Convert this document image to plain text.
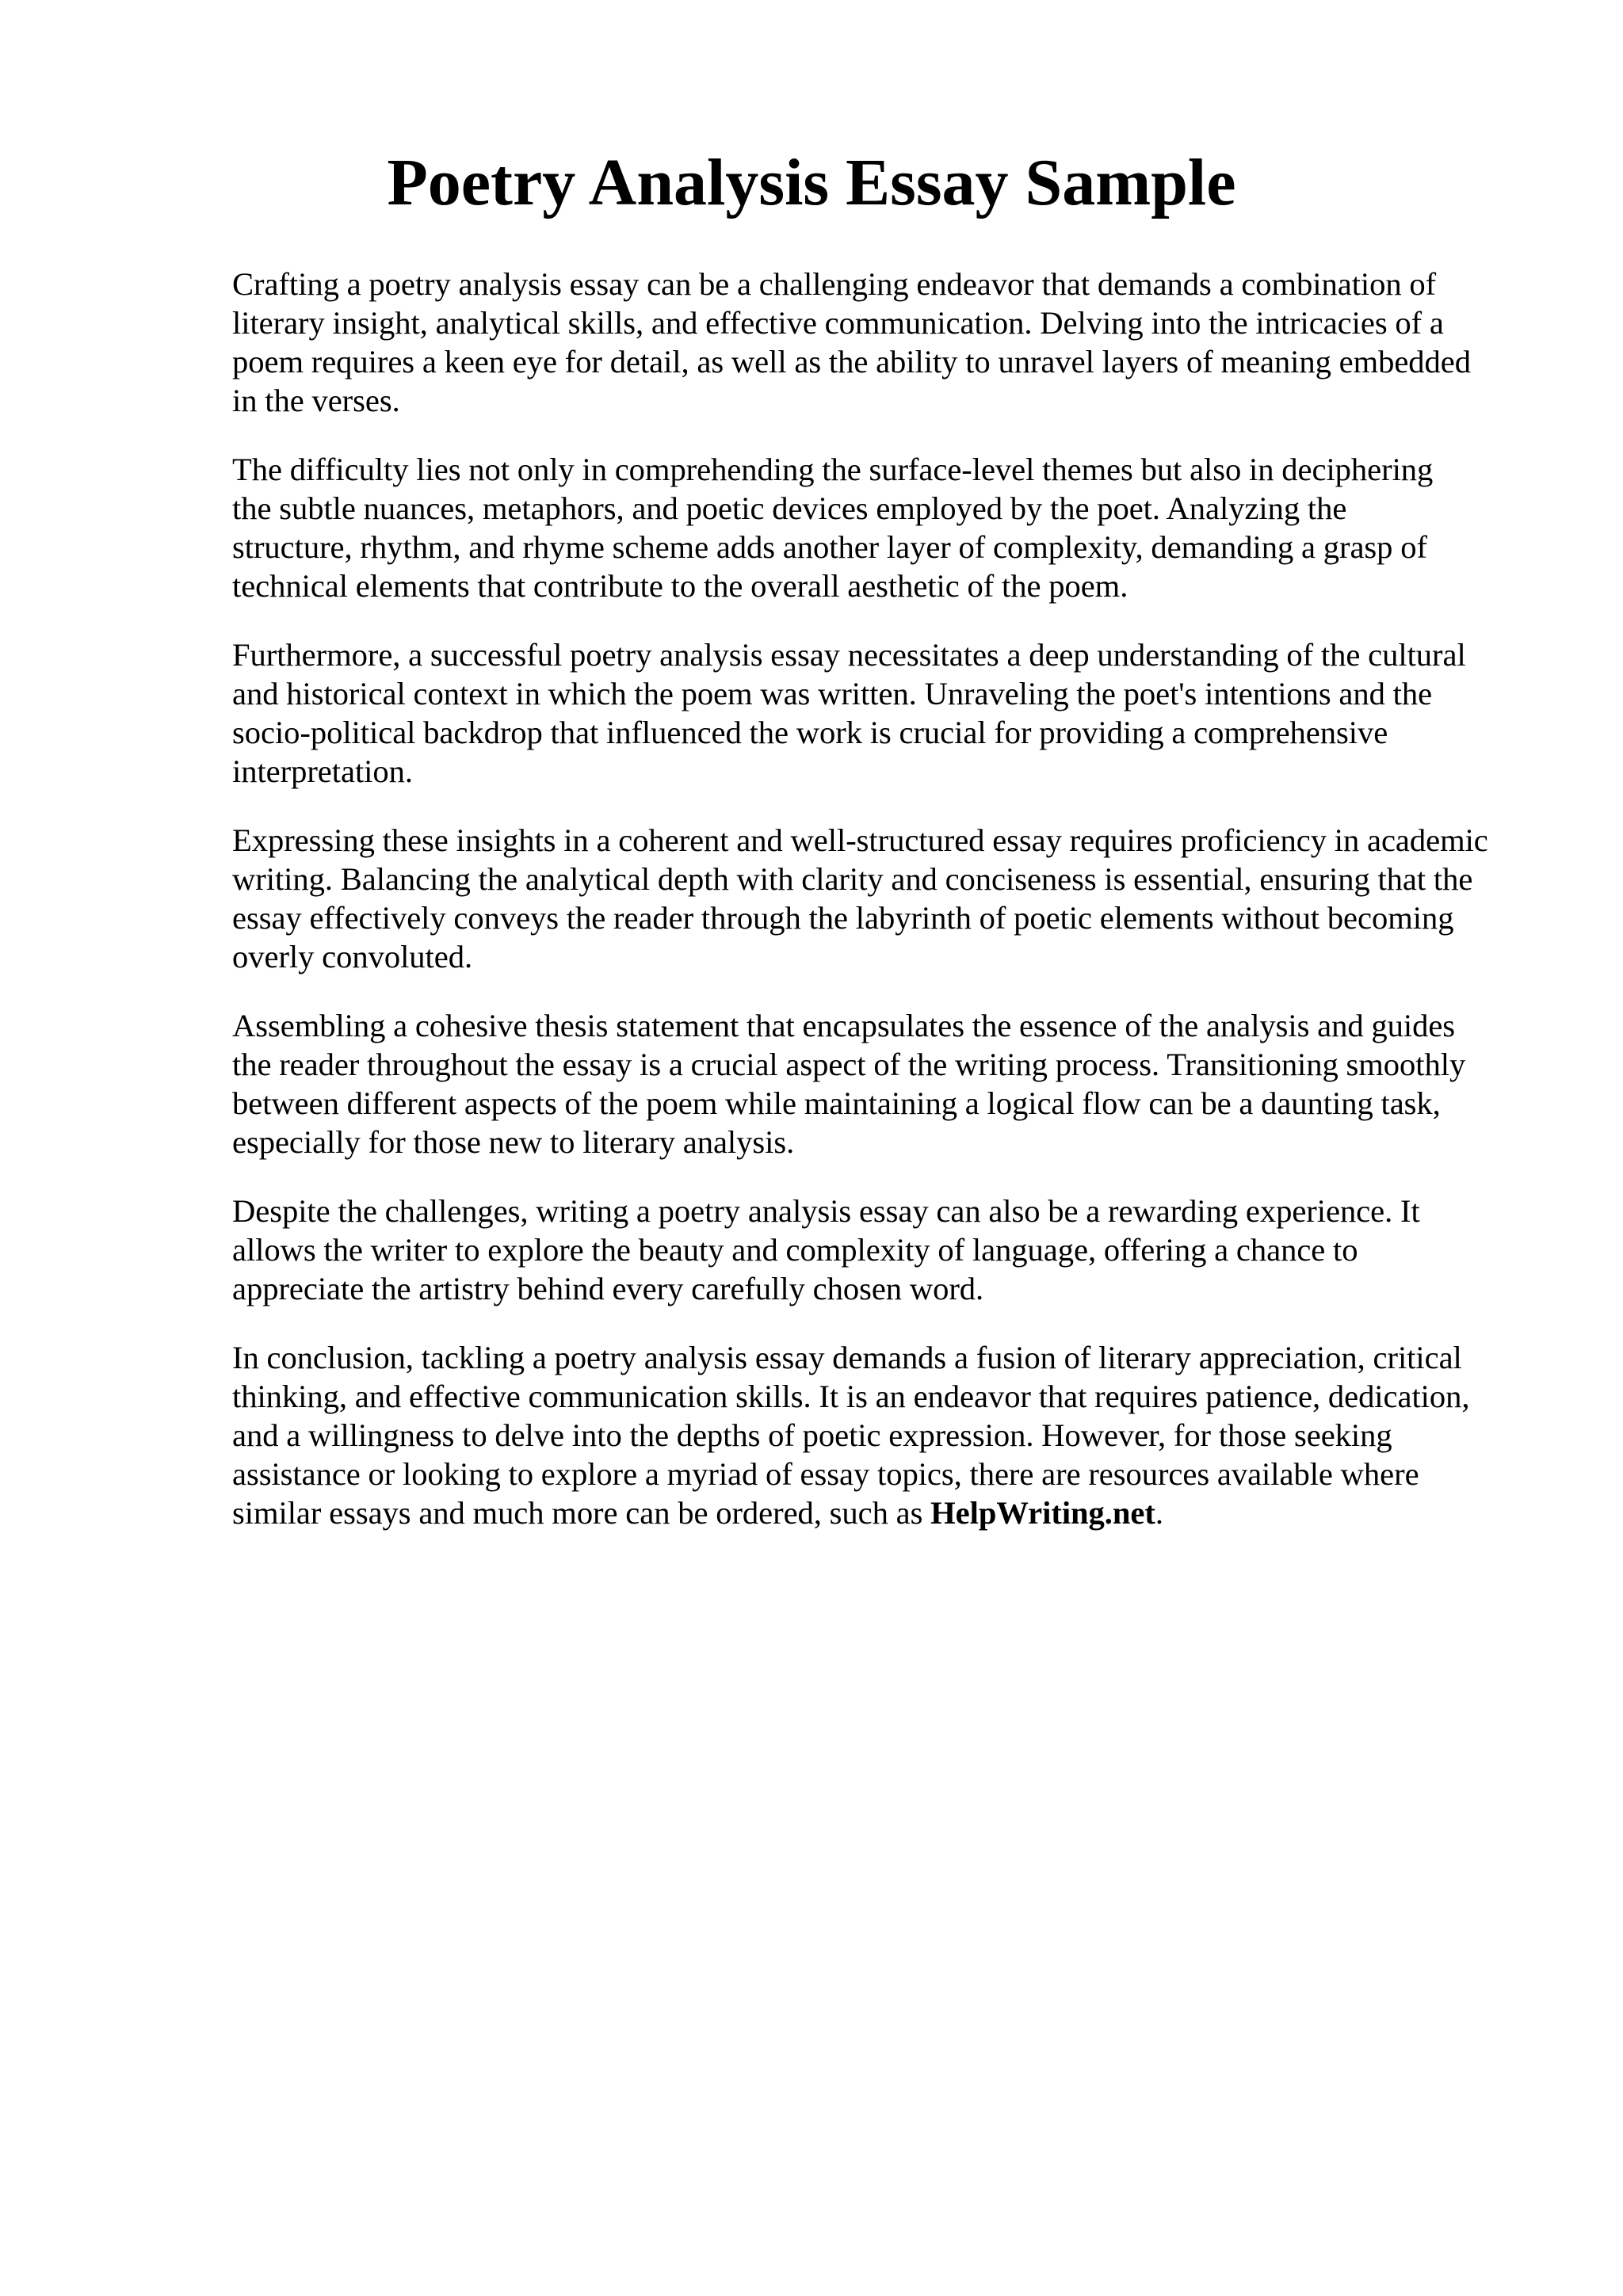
Poetry Analysis Essay Sample

Crafting a poetry analysis essay can be a challenging endeavor that demands a combination of
literary insight, analytical skills, and effective communication. Delving into the intricacies of a
poem requires a keen eye for detail, as well as the ability to unravel layers of meaning embedded
in the verses.

The difficulty lies not only in comprehending the surface-level themes but also in deciphering
the subtle nuances, metaphors, and poetic devices employed by the poet. Analyzing the
structure, rhythm, and rhyme scheme adds another layer of complexity, demanding a grasp of
technical elements that contribute to the overall aesthetic of the poem.

Furthermore, a successful poetry analysis essay necessitates a deep understanding of the cultural
and historical context in which the poem was written. Unraveling the poet's intentions and the
socio-political backdrop that influenced the work is crucial for providing a comprehensive
interpretation.

Expressing these insights in a coherent and well-structured essay requires proficiency in academic
writing. Balancing the analytical depth with clarity and conciseness is essential, ensuring that the
essay effectively conveys the reader through the labyrinth of poetic elements without becoming
overly convoluted.

Assembling a cohesive thesis statement that encapsulates the essence of the analysis and guides
the reader throughout the essay is a crucial aspect of the writing process. Transitioning smoothly
between different aspects of the poem while maintaining a logical flow can be a daunting task,
especially for those new to literary analysis.

Despite the challenges, writing a poetry analysis essay can also be a rewarding experience. It
allows the writer to explore the beauty and complexity of language, offering a chance to
appreciate the artistry behind every carefully chosen word.

In conclusion, tackling a poetry analysis essay demands a fusion of literary appreciation, critical
thinking, and effective communication skills. It is an endeavor that requires patience, dedication,
and a willingness to delve into the depths of poetic expression. However, for those seeking
assistance or looking to explore a myriad of essay topics, there are resources available where
similar essays and much more can be ordered, such as HelpWriting.net.
